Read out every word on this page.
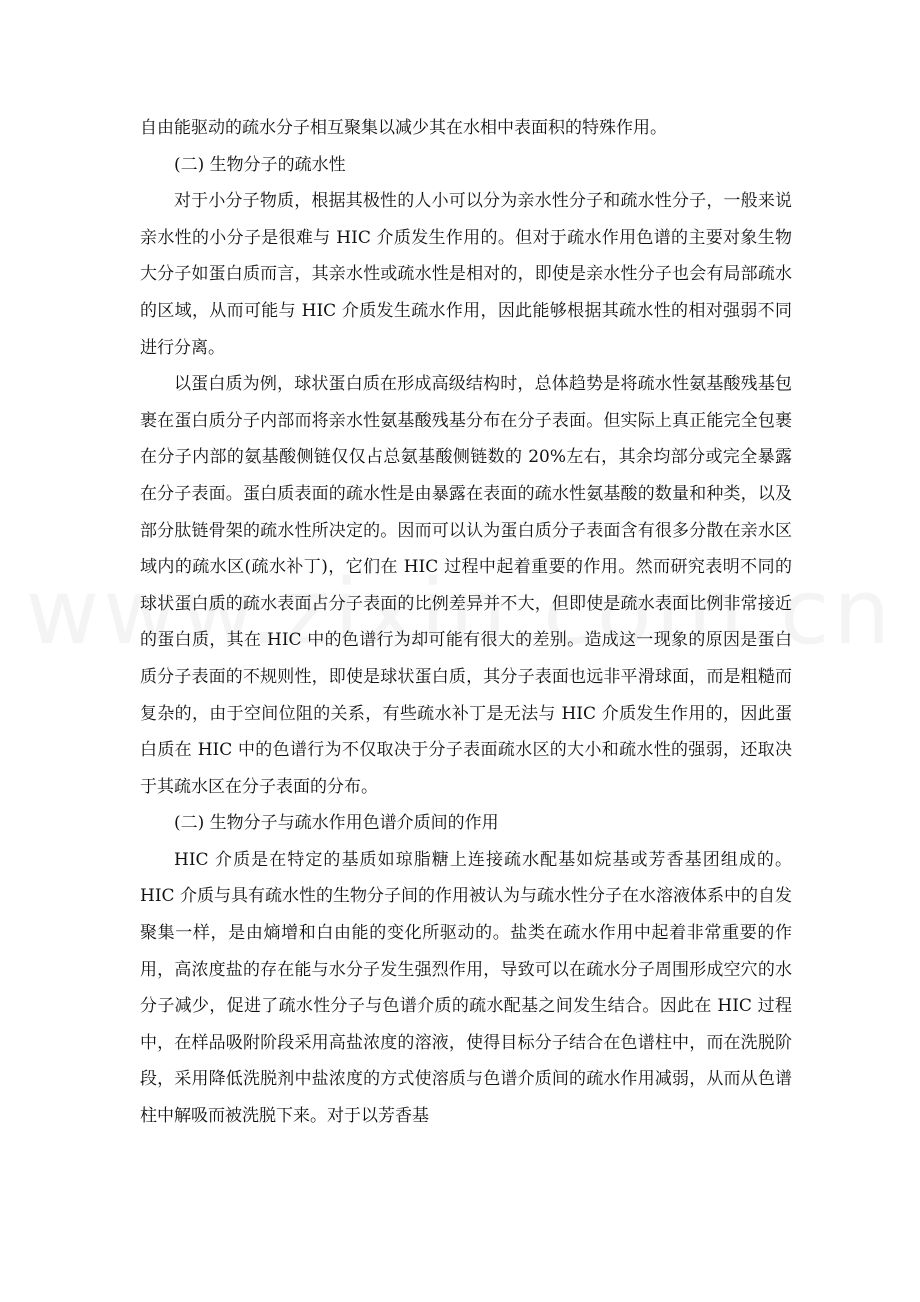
自由能驱动的疏水分子相互聚集以减少其在水相中表面积的特殊作用。

(二) 生物分子的疏水性

对于小分子物质，根据其极性的人小可以分为亲水性分子和疏水性分子，一般来说亲水性的小分子是很难与 HIC 介质发生作用的。但对于疏水作用色谱的主要对象生物大分子如蛋白质而言，其亲水性或疏水性是相对的，即使是亲水性分子也会有局部疏水的区域，从而可能与 HIC 介质发生疏水作用，因此能够根据其疏水性的相对强弱不同进行分离。

以蛋白质为例，球状蛋白质在形成高级结构时，总体趋势是将疏水性氨基酸残基包裹在蛋白质分子内部而将亲水性氨基酸残基分布在分子表面。但实际上真正能完全包裹在分子内部的氨基酸侧链仅仅占总氨基酸侧链数的 20%左右，其余均部分或完全暴露在分子表面。蛋白质表面的疏水性是由暴露在表面的疏水性氨基酸的数量和种类，以及部分肽链骨架的疏水性所决定的。因而可以认为蛋白质分子表面含有很多分散在亲水区域内的疏水区(疏水补丁)，它们在 HIC 过程中起着重要的作用。然而研究表明不同的球状蛋白质的疏水表面占分子表面的比例差异并不大，但即使是疏水表面比例非常接近的蛋白质，其在 HIC 中的色谱行为却可能有很大的差别。造成这一现象的原因是蛋白质分子表面的不规则性，即使是球状蛋白质，其分子表面也远非平滑球面，而是粗糙而复杂的，由于空间位阻的关系，有些疏水补丁是无法与 HIC 介质发生作用的，因此蛋白质在 HIC 中的色谱行为不仅取决于分子表面疏水区的大小和疏水性的强弱，还取决于其疏水区在分子表面的分布。

(二) 生物分子与疏水作用色谱介质间的作用

HIC 介质是在特定的基质如琼脂糖上连接疏水配基如烷基或芳香基团组成的。HIC 介质与具有疏水性的生物分子间的作用被认为与疏水性分子在水溶液体系中的自发聚集一样，是由熵增和白由能的变化所驱动的。盐类在疏水作用中起着非常重要的作用，高浓度盐的存在能与水分子发生强烈作用，导致可以在疏水分子周围形成空穴的水分子减少，促进了疏水性分子与色谱介质的疏水配基之间发生结合。因此在 HIC 过程中，在样品吸附阶段采用高盐浓度的溶液，使得目标分子结合在色谱柱中，而在洗脱阶段，采用降低洗脱剂中盐浓度的方式使溶质与色谱介质间的疏水作用减弱，从而从色谱柱中解吸而被洗脱下来。对于以芳香基
